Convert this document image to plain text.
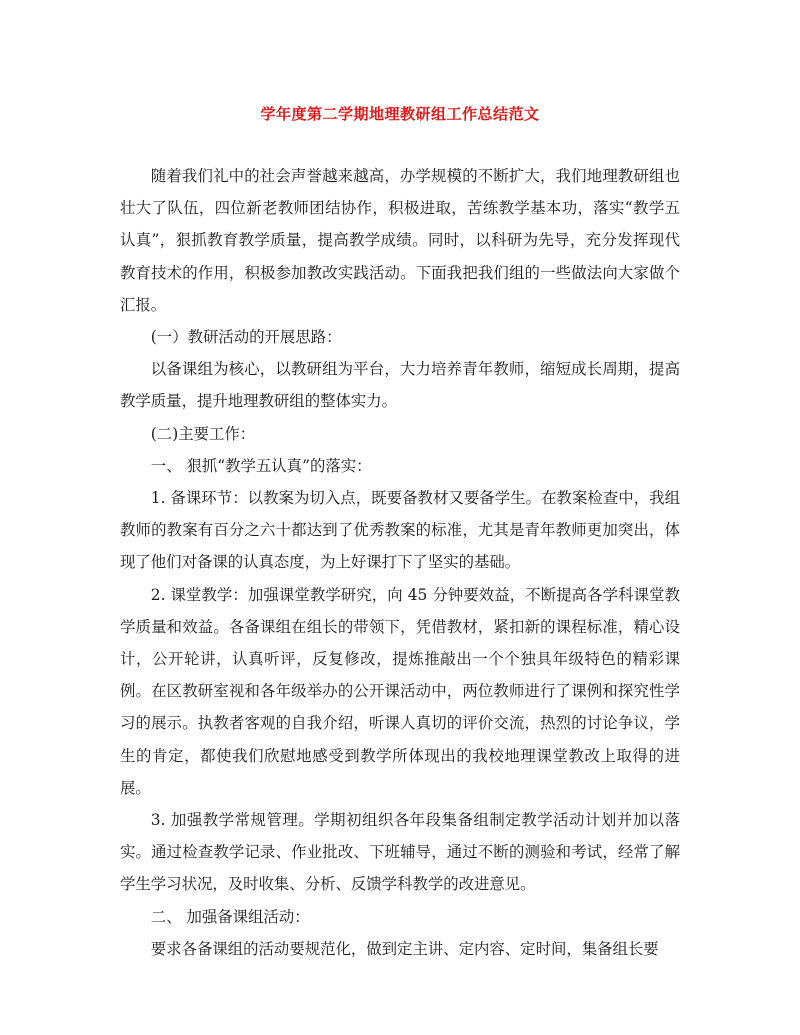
学年度第二学期地理教研组工作总结范文

随着我们礼中的社会声誉越来越高，办学规模的不断扩大，我们地理教研组也壮大了队伍，四位新老教师团结协作，积极进取，苦练教学基本功，落实“教学五认真”，狠抓教育教学质量，提高教学成绩。同时，以科研为先导，充分发挥现代教育技术的作用，积极参加教改实践活动。下面我把我们组的一些做法向大家做个汇报。

(一）教研活动的开展思路：

以备课组为核心，以教研组为平台，大力培养青年教师，缩短成长周期，提高教学质量，提升地理教研组的整体实力。

(二)主要工作：

一、 狠抓“教学五认真”的落实：

1. 备课环节：以教案为切入点，既要备教材又要备学生。在教案检查中，我组教师的教案有百分之六十都达到了优秀教案的标准，尤其是青年教师更加突出，体现了他们对备课的认真态度，为上好课打下了坚实的基础。

2. 课堂教学：加强课堂教学研究，向 45 分钟要效益，不断提高各学科课堂教学质量和效益。各备课组在组长的带领下，凭借教材，紧扣新的课程标准，精心设计，公开轮讲，认真听评，反复修改，提炼推敲出一个个独具年级特色的精彩课例。在区教研室视和各年级举办的公开课活动中，两位教师进行了课例和探究性学习的展示。执教者客观的自我介绍，听课人真切的评价交流，热烈的讨论争议，学生的肯定，都使我们欣慰地感受到教学所体现出的我校地理课堂教改上取得的进展。

3. 加强教学常规管理。学期初组织各年段集备组制定教学活动计划并加以落实。通过检查教学记录、作业批改、下班辅导，通过不断的测验和考试，经常了解学生学习状况，及时收集、分析、反馈学科教学的改进意见。

二、 加强备课组活动：

要求各备课组的活动要规范化，做到定主讲、定内容、定时间，集备组长要
